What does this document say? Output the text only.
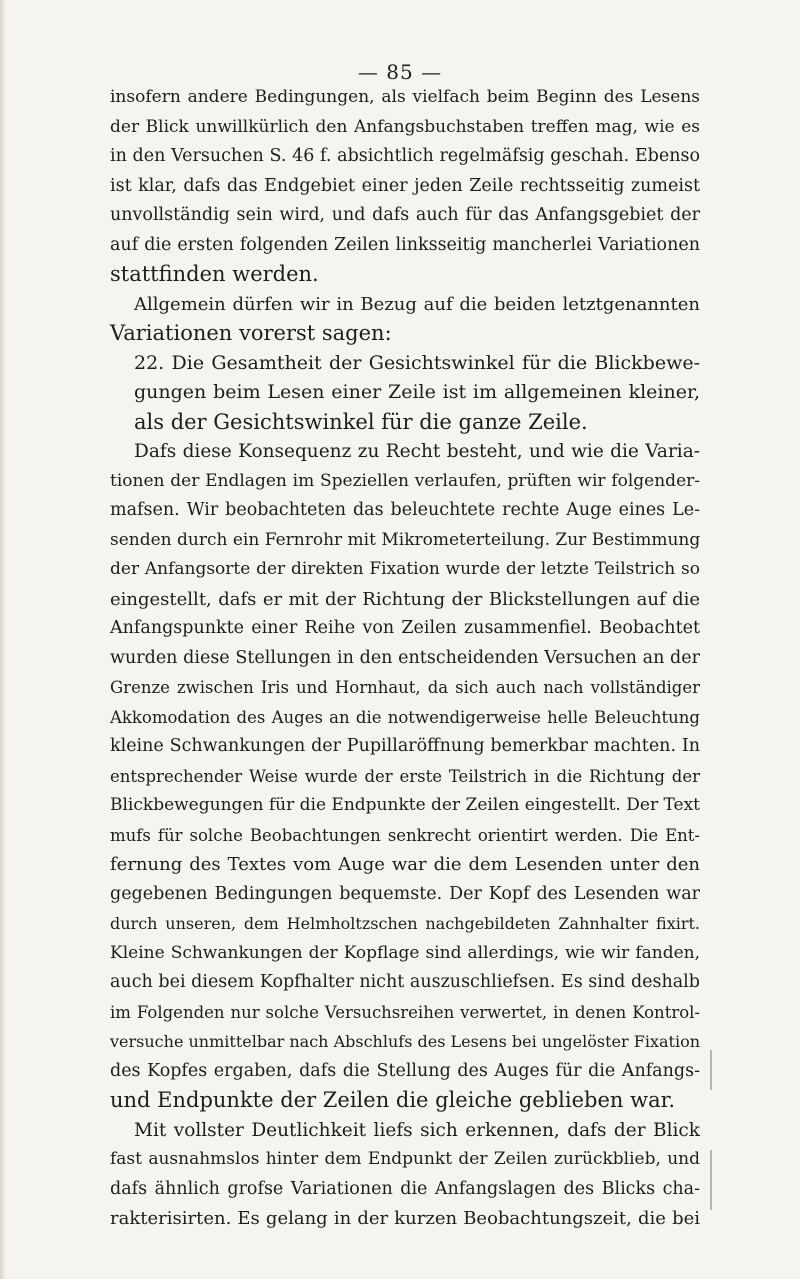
— 85 —
insofern andere Bedingungen, als vielfach beim Beginn des Lesens
der Blick unwillkürlich den Anfangsbuchstaben treffen mag, wie es
in den Versuchen S. 46 f. absichtlich regelmäfsig geschah. Ebenso
ist klar, dafs das Endgebiet einer jeden Zeile rechtsseitig zumeist
unvollständig sein wird, und dafs auch für das Anfangsgebiet der
auf die ersten folgenden Zeilen linksseitig mancherlei Variationen
stattfinden werden.
Allgemein dürfen wir in Bezug auf die beiden letztgenannten
Variationen vorerst sagen:
22. Die Gesamtheit der Gesichtswinkel für die Blickbewe-
gungen beim Lesen einer Zeile ist im allgemeinen kleiner,
als der Gesichtswinkel für die ganze Zeile.
Dafs diese Konsequenz zu Recht besteht, und wie die Varia-
tionen der Endlagen im Speziellen verlaufen, prüften wir folgender-
mafsen. Wir beobachteten das beleuchtete rechte Auge eines Le-
senden durch ein Fernrohr mit Mikrometerteilung. Zur Bestimmung
der Anfangsorte der direkten Fixation wurde der letzte Teilstrich so
eingestellt, dafs er mit der Richtung der Blickstellungen auf die
Anfangspunkte einer Reihe von Zeilen zusammenfiel. Beobachtet
wurden diese Stellungen in den entscheidenden Versuchen an der
Grenze zwischen Iris und Hornhaut, da sich auch nach vollständiger
Akkomodation des Auges an die notwendigerweise helle Beleuchtung
kleine Schwankungen der Pupillaröffnung bemerkbar machten. In
entsprechender Weise wurde der erste Teilstrich in die Richtung der
Blickbewegungen für die Endpunkte der Zeilen eingestellt. Der Text
mufs für solche Beobachtungen senkrecht orientirt werden. Die Ent-
fernung des Textes vom Auge war die dem Lesenden unter den
gegebenen Bedingungen bequemste. Der Kopf des Lesenden war
durch unseren, dem Helmholtzschen nachgebildeten Zahnhalter fixirt.
Kleine Schwankungen der Kopflage sind allerdings, wie wir fanden,
auch bei diesem Kopfhalter nicht auszuschliefsen. Es sind deshalb
im Folgenden nur solche Versuchsreihen verwertet, in denen Kontrol-
versuche unmittelbar nach Abschlufs des Lesens bei ungelöster Fixation
des Kopfes ergaben, dafs die Stellung des Auges für die Anfangs-
und Endpunkte der Zeilen die gleiche geblieben war.
Mit vollster Deutlichkeit liefs sich erkennen, dafs der Blick
fast ausnahmslos hinter dem Endpunkt der Zeilen zurückblieb, und
dafs ähnlich grofse Variationen die Anfangslagen des Blicks cha-
rakterisirten. Es gelang in der kurzen Beobachtungszeit, die bei
